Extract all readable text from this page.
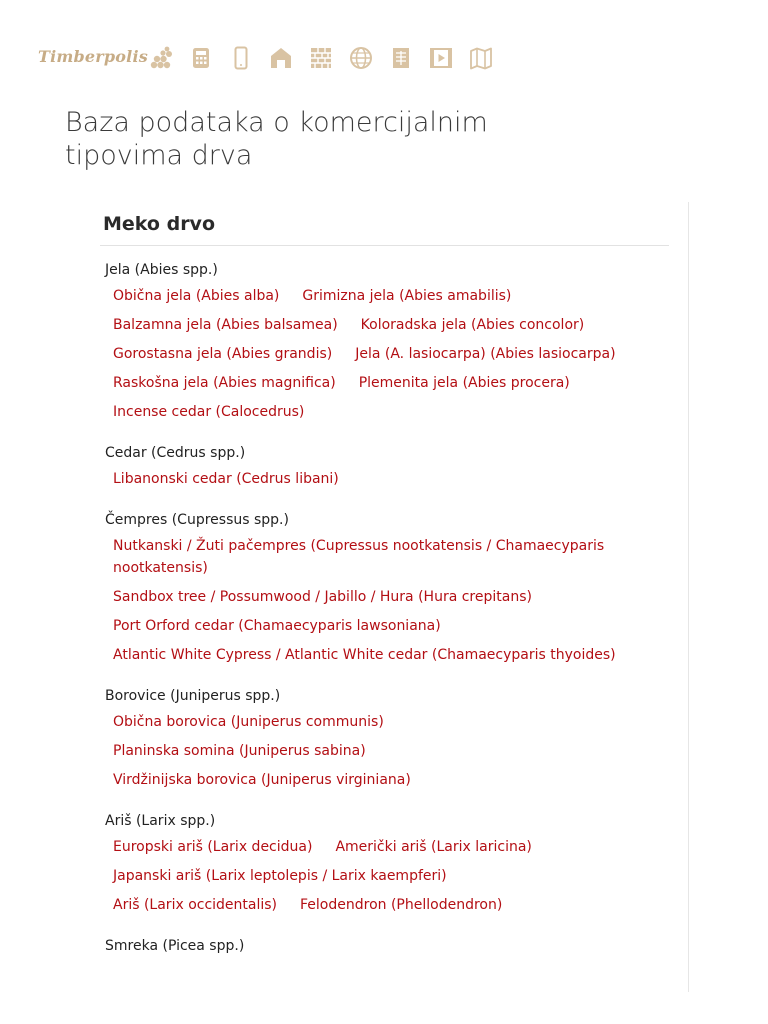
Timberpolis
Baza podataka o komercijalnim
tipovima drva
Meko drvo
Jela (Abies spp.)
Obična jela (Abies alba) Grimizna jela (Abies amabilis)
Balzamna jela (Abies balsamea) Koloradska jela (Abies concolor)
Gorostasna jela (Abies grandis) Jela (A. lasiocarpa) (Abies lasiocarpa)
Raskošna jela (Abies magnifica) Plemenita jela (Abies procera)
Incense cedar (Calocedrus)
Cedar (Cedrus spp.)
Libanonski cedar (Cedrus libani)
Čempres (Cupressus spp.)
Nutkanski / Žuti pačempres (Cupressus nootkatensis / Chamaecyparis nootkatensis)
Sandbox tree / Possumwood / Jabillo / Hura (Hura crepitans)
Port Orford cedar (Chamaecyparis lawsoniana)
Atlantic White Cypress / Atlantic White cedar (Chamaecyparis thyoides)
Borovice (Juniperus spp.)
Obična borovica (Juniperus communis)
Planinska somina (Juniperus sabina)
Virdžinijska borovica (Juniperus virginiana)
Ariš (Larix spp.)
Europski ariš (Larix decidua) Američki ariš (Larix laricina)
Japanski ariš (Larix leptolepis / Larix kaempferi)
Ariš (Larix occidentalis) Felodendron (Phellodendron)
Smreka (Picea spp.)
